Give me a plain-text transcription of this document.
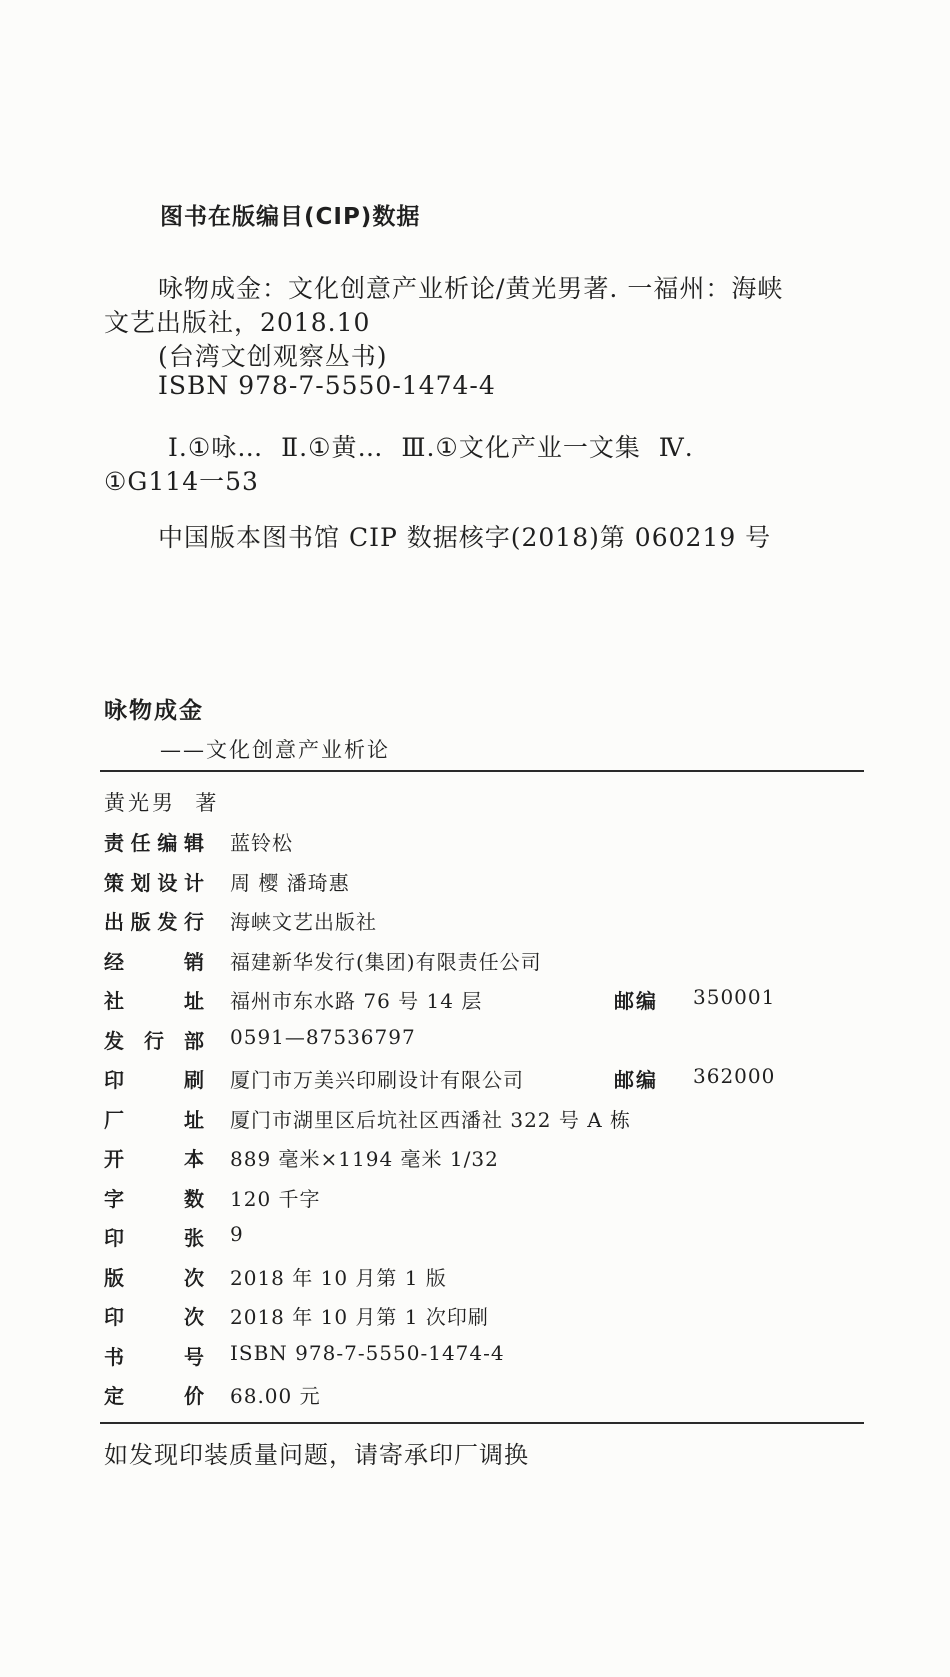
图书在版编目(CIP)数据
咏物成金：文化创意产业析论/黄光男著. 一福州：海峡
文艺出版社，2018.10
(台湾文创观察丛书)
ISBN 978-7-5550-1474-4
Ⅰ.①咏…  Ⅱ.①黄…  Ⅲ.①文化产业一文集  Ⅳ.
①G114一53
中国版本图书馆 CIP 数据核字(2018)第 060219 号
咏物成金
——文化创意产业析论
黄光男  著
责 任 编 辑 蓝铃松
策 划 设 计 周 樱 潘琦惠
出 版 发 行 海峡文艺出版社
经	销 福建新华发行(集团)有限责任公司
社	址 福州市东水路 76 号 14 层	邮编 350001
发 行 部 0591—87536797
印	刷 厦门市万美兴印刷设计有限公司	邮编 362000
厂	址 厦门市湖里区后坑社区西潘社 322 号 A 栋
开	本 889 毫米×1194 毫米 1/32
字	数 120 千字
印	张 9
版	次 2018 年 10 月第 1 版
印	次 2018 年 10 月第 1 次印刷
书	号 ISBN 978-7-5550-1474-4
定	价 68.00 元
如发现印装质量问题，请寄承印厂调换
